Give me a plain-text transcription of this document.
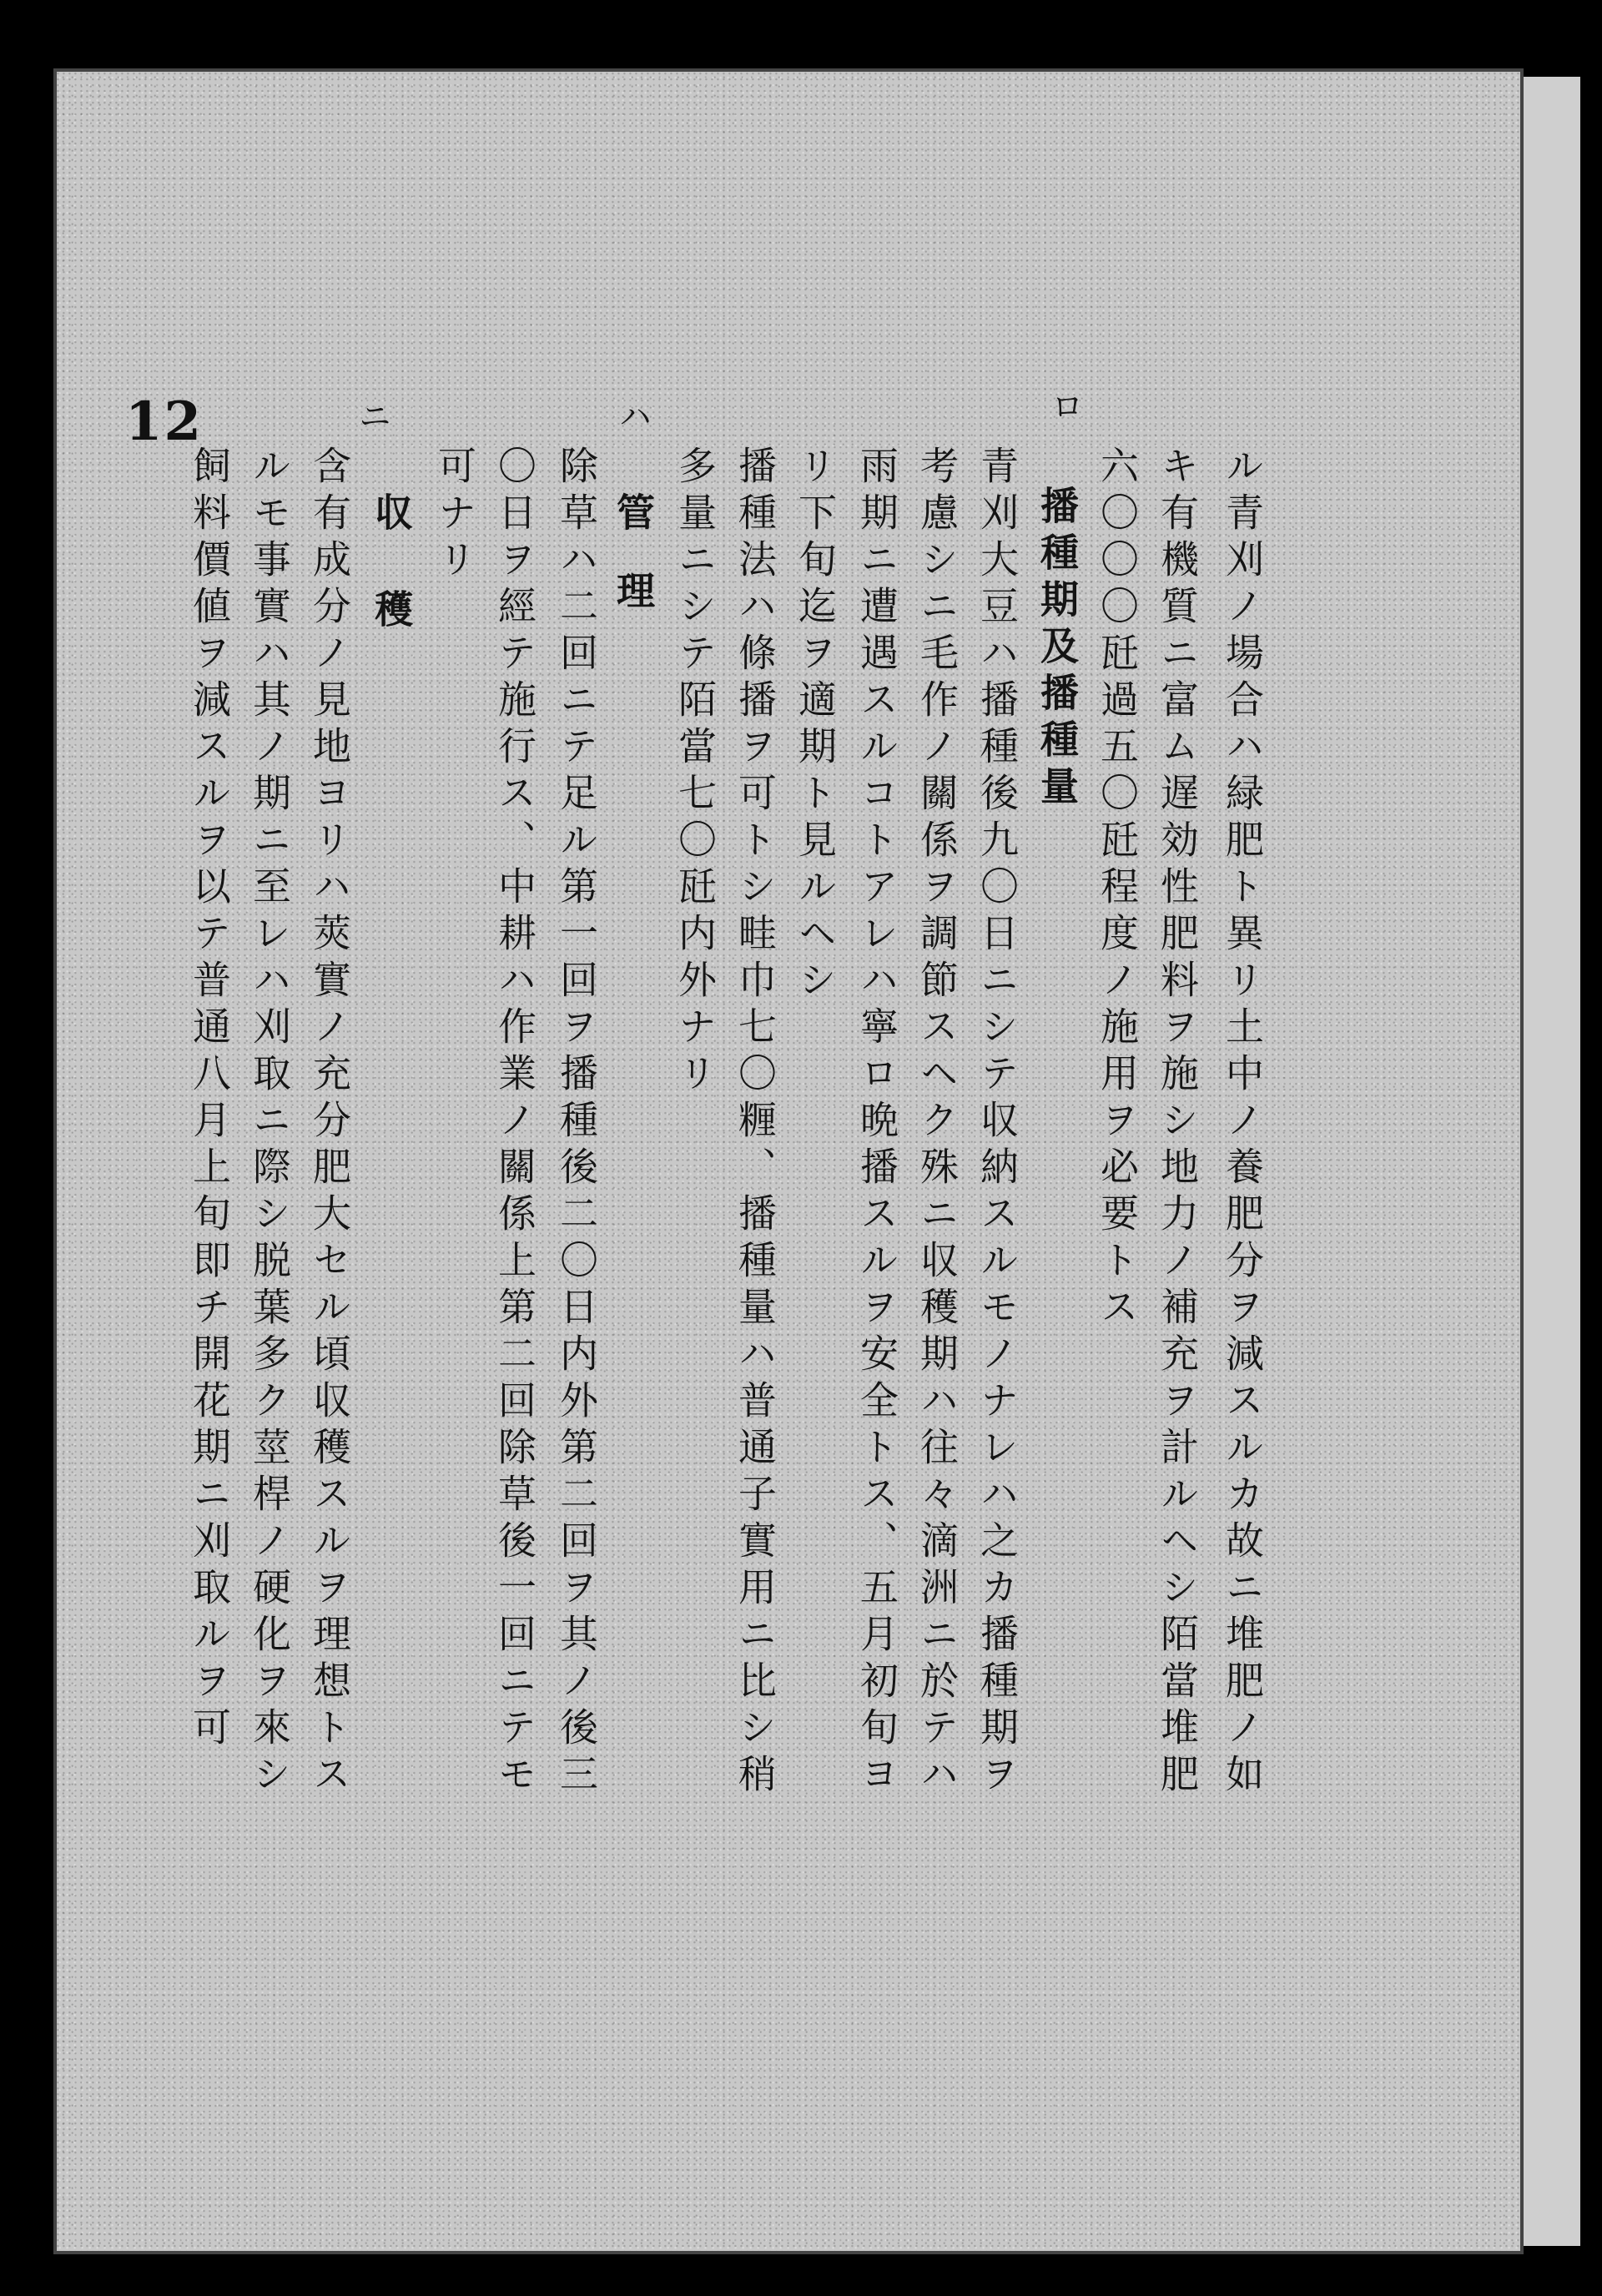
12	ロ
ハ
ニ
ル青刈ノ場合ハ緑肥ト異リ土中ノ養肥分ヲ減スルカ故ニ堆肥ノ如
キ有機質ニ富ム遅効性肥料ヲ施シ地力ノ補充ヲ計ルヘシ陌當堆肥
六〇〇〇瓩過五〇瓩程度ノ施用ヲ必要トス
播種期及播種量
青刈大豆ハ播種後九〇日ニシテ収納スルモノナレハ之カ播種期ヲ
考慮シニ毛作ノ關係ヲ調節スヘク殊ニ収穫期ハ往々滴洲ニ於テハ
雨期ニ遭遇スルコトアレハ寧ロ晩播スルヲ安全トス、五月初旬ヨ
リ下旬迄ヲ適期ト見ルヘシ
播種法ハ條播ヲ可トシ畦巾七〇糎、播種量ハ普通子實用ニ比シ稍
多量ニシテ陌當七〇瓩内外ナリ
管理
除草ハ二回ニテ足ル第一回ヲ播種後二〇日内外第二回ヲ其ノ後三
〇日ヲ經テ施行ス、中耕ハ作業ノ關係上第二回除草後一回ニテモ
可ナリ
収穫
含有成分ノ見地ヨリハ莢實ノ充分肥大セル頃収穫スルヲ理想トス
ルモ事實ハ其ノ期ニ至レハ刈取ニ際シ脱葉多ク莖桿ノ硬化ヲ來シ
飼料價値ヲ減スルヲ以テ普通八月上旬即チ開花期ニ刈取ルヲ可
